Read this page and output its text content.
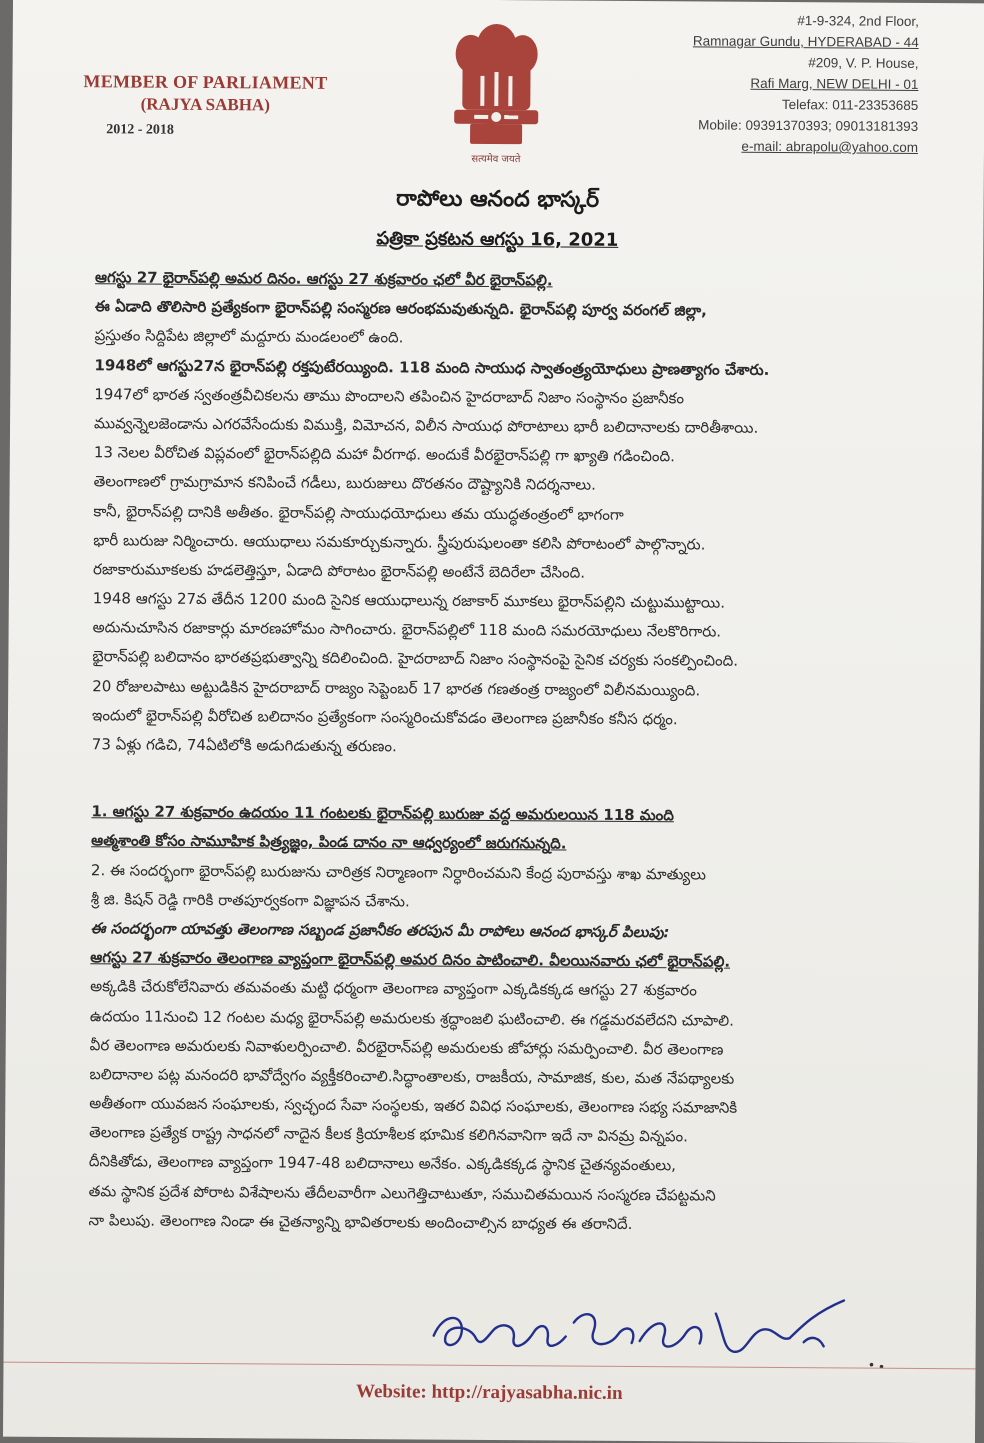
MEMBER OF PARLIAMENT
(RAJYA SABHA)
2012 - 2018
सत्यमेव जयते
#1-9-324, 2nd Floor,
Ramnagar Gundu, HYDERABAD - 44
#209, V. P. House,
Rafi Marg, NEW DELHI - 01
Telefax: 011-23353685
Mobile: 09391370393; 09013181393
e-mail: abrapolu@yahoo.com
రాపోలు ఆనంద భాస్కర్
పత్రికా ప్రకటన ఆగస్టు 16, 2021

ఆగస్టు 27 భైరాన్‌పల్లి అమర దినం. ఆగస్టు 27 శుక్రవారం ఛలో వీర భైరాన్‌పల్లి.

ఈ ఏడాది తొలిసారి ప్రత్యేకంగా భైరాన్‌పల్లి సంస్మరణ ఆరంభమవుతున్నది. భైరాన్‌పల్లి పూర్వ వరంగల్ జిల్లా,

ప్రస్తుతం సిద్దిపేట జిల్లాలో మద్దూరు మండలంలో ఉంది.

1948లో ఆగస్టు27న భైరాన్‌పల్లి రక్తపుటేరయ్యింది. 118 మంది సాయుధ స్వాతంత్ర్యయోధులు ప్రాణత్యాగం చేశారు.

1947లో భారత స్వతంత్రవీచికలను తాము పొందాలని తపించిన హైదరాబాద్ నిజాం సంస్థానం ప్రజానీకం

మువ్వన్నెలజెండాను ఎగరవేసేందుకు విముక్తి, విమోచన, విలీన సాయుధ పోరాటాలు భారీ బలిదానాలకు దారితీశాయి.

13 నెలల వీరోచిత విప్లవంలో భైరాన్‌పల్లిది మహా వీరగాథ. అందుకే వీరభైరాన్‌పల్లి గా ఖ్యాతి గడించింది.

తెలంగాణలో గ్రామగ్రామాన కనిపించే గడీలు, బురుజులు దొరతనం దౌష్ట్యానికి నిదర్శనాలు.

కానీ, భైరాన్‌పల్లి దానికి అతీతం. భైరాన్‌పల్లి సాయుధయోధులు తమ యుద్ధతంత్రంలో భాగంగా

భారీ బురుజు నిర్మించారు. ఆయుధాలు సమకూర్చుకున్నారు. స్త్రీపురుషులంతా కలిసి పోరాటంలో పాల్గొన్నారు.

రజాకారుమూకలకు హడలెత్తిస్తూ, ఏడాది పోరాటం భైరాన్‌పల్లి అంటేనే బెదిరేలా చేసింది.

1948 ఆగస్టు 27వ తేదీన 1200 మంది సైనిక ఆయుధాలున్న రజాకార్ మూకలు భైరాన్‌పల్లిని చుట్టుముట్టాయి.

అదునుచూసిన రజాకార్లు మారణహోమం సాగించారు. భైరాన్‌పల్లిలో 118 మంది సమరయోధులు నేలకొరిగారు.

భైరాన్‌పల్లి బలిదానం భారతప్రభుత్వాన్ని కదిలించింది. హైదరాబాద్ నిజాం సంస్థానంపై సైనిక చర్యకు సంకల్పించింది.

20 రోజులపాటు అట్టుడికిన హైదరాబాద్ రాజ్యం సెప్టెంబర్ 17 భారత గణతంత్ర రాజ్యంలో విలీనమయ్యింది.

ఇందులో భైరాన్‌పల్లి వీరోచిత బలిదానం ప్రత్యేకంగా సంస్మరించుకోవడం తెలంగాణ ప్రజానీకం కనీస ధర్మం.

73 ఏళ్లు గడిచి, 74ఏటిలోకి అడుగిడుతున్న తరుణం.

1. ఆగస్టు 27 శుక్రవారం ఉదయం 11 గంటలకు భైరాన్‌పల్లి బురుజు వద్ద అమరులయిన 118 మంది

ఆత్మశాంతి కోసం సామూహిక పిత్ర్యజ్ఞం, పిండ దానం నా ఆధ్వర్యంలో జరుగనున్నది.

2. ఈ సందర్భంగా భైరాన్‌పల్లి బురుజును చారిత్రక నిర్మాణంగా నిర్ధారించమని కేంద్ర పురావస్తు శాఖ మాత్యులు

శ్రీ జి. కిషన్ రెడ్డి గారికి రాతపూర్వకంగా విజ్ఞాపన చేశాను.

ఈ సందర్భంగా యావత్తు తెలంగాణ సబ్బండ ప్రజానీకం తరపున మీ రాపోలు ఆనంద భాస్కర్ పిలుపు:

ఆగస్టు 27 శుక్రవారం తెలంగాణ వ్యాప్తంగా భైరాన్‌పల్లి అమర దినం పాటించాలి. వీలయినవారు ఛలో భైరాన్‌పల్లి.

అక్కడికి చేరుకోలేనివారు తమవంతు మట్టి ధర్మంగా తెలంగాణ వ్యాప్తంగా ఎక్కడికక్కడ ఆగస్టు 27 శుక్రవారం

ఉదయం 11నుంచి 12 గంటల మధ్య భైరాన్‌పల్లి అమరులకు శ్రద్ధాంజలి ఘటించాలి. ఈ గడ్డమరవలేదని చూపాలి.

వీర తెలంగాణ అమరులకు నివాళులర్పించాలి. వీరభైరాన్‌పల్లి అమరులకు జోహార్లు సమర్పించాలి. వీర తెలంగాణ

బలిదానాల పట్ల మనందరి భావోద్వేగం వ్యక్తీకరించాలి.సిద్ధాంతాలకు, రాజకీయ, సామాజిక, కుల, మత నేపథ్యాలకు

అతీతంగా యువజన సంఘాలకు, స్వచ్ఛంద సేవా సంస్థలకు, ఇతర వివిధ సంఘాలకు, తెలంగాణ సభ్య సమాజానికి

తెలంగాణ ప్రత్యేక రాష్ట్ర సాధనలో నాదైన కీలక క్రియాశీలక భూమిక కలిగినవానిగా ఇదే నా వినమ్ర విన్నపం.

దీనికితోడు, తెలంగాణ వ్యాప్తంగా 1947-48 బలిదానాలు అనేకం. ఎక్కడికక్కడ స్థానిక చైతన్యవంతులు,

తమ స్థానిక ప్రదేశ పోరాట విశేషాలను తేదీలవారీగా ఎలుగెత్తిచాటుతూ, సముచితమయిన సంస్మరణ చేపట్టమని

నా పిలుపు. తెలంగాణ నిండా ఈ చైతన్యాన్ని భావితరాలకు అందించాల్సిన బాధ్యత ఈ తరానిదే.

Website: http://rajyasabha.nic.in
